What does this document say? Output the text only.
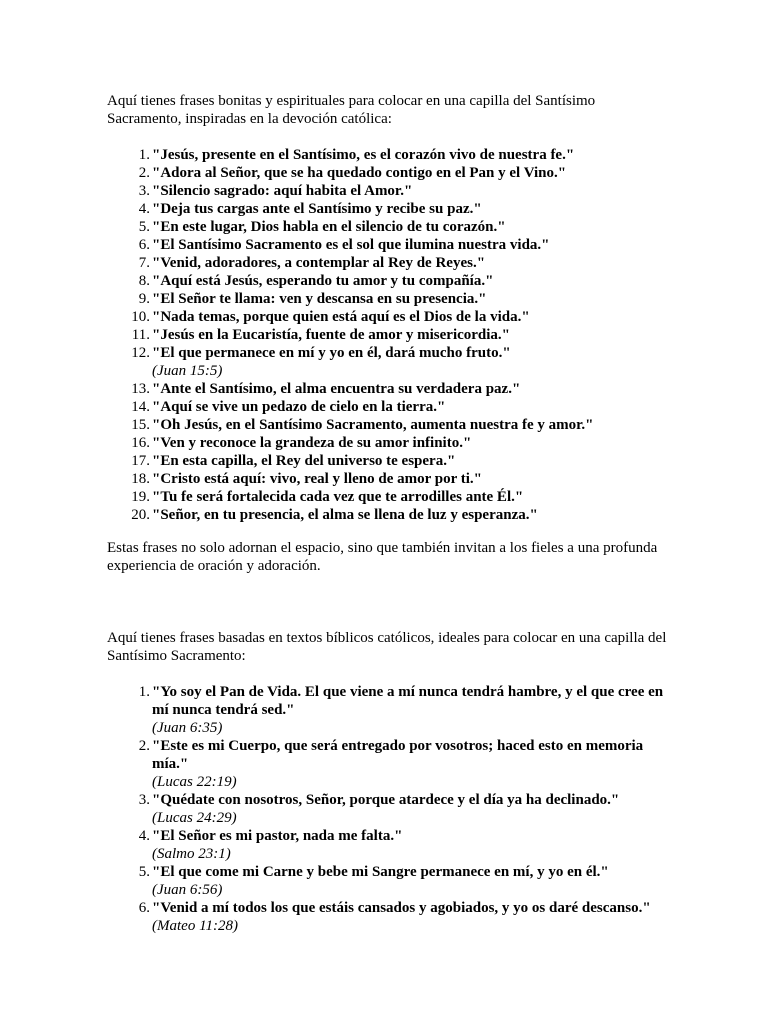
Aquí tienes frases bonitas y espirituales para colocar en una capilla del Santísimo Sacramento, inspiradas en la devoción católica:

1. "Jesús, presente en el Santísimo, es el corazón vivo de nuestra fe."
2. "Adora al Señor, que se ha quedado contigo en el Pan y el Vino."
3. "Silencio sagrado: aquí habita el Amor."
4. "Deja tus cargas ante el Santísimo y recibe su paz."
5. "En este lugar, Dios habla en el silencio de tu corazón."
6. "El Santísimo Sacramento es el sol que ilumina nuestra vida."
7. "Venid, adoradores, a contemplar al Rey de Reyes."
8. "Aquí está Jesús, esperando tu amor y tu compañía."
9. "El Señor te llama: ven y descansa en su presencia."
10. "Nada temas, porque quien está aquí es el Dios de la vida."
11. "Jesús en la Eucaristía, fuente de amor y misericordia."
12. "El que permanece en mí y yo en él, dará mucho fruto."
(Juan 15:5)
13. "Ante el Santísimo, el alma encuentra su verdadera paz."
14. "Aquí se vive un pedazo de cielo en la tierra."
15. "Oh Jesús, en el Santísimo Sacramento, aumenta nuestra fe y amor."
16. "Ven y reconoce la grandeza de su amor infinito."
17. "En esta capilla, el Rey del universo te espera."
18. "Cristo está aquí: vivo, real y lleno de amor por ti."
19. "Tu fe será fortalecida cada vez que te arrodilles ante Él."
20. "Señor, en tu presencia, el alma se llena de luz y esperanza."

Estas frases no solo adornan el espacio, sino que también invitan a los fieles a una profunda experiencia de oración y adoración.

Aquí tienes frases basadas en textos bíblicos católicos, ideales para colocar en una capilla del Santísimo Sacramento:

1. "Yo soy el Pan de Vida. El que viene a mí nunca tendrá hambre, y el que cree en mí nunca tendrá sed."
(Juan 6:35)
2. "Este es mi Cuerpo, que será entregado por vosotros; haced esto en memoria mía."
(Lucas 22:19)
3. "Quédate con nosotros, Señor, porque atardece y el día ya ha declinado."
(Lucas 24:29)
4. "El Señor es mi pastor, nada me falta."
(Salmo 23:1)
5. "El que come mi Carne y bebe mi Sangre permanece en mí, y yo en él."
(Juan 6:56)
6. "Venid a mí todos los que estáis cansados y agobiados, y yo os daré descanso."
(Mateo 11:28)
